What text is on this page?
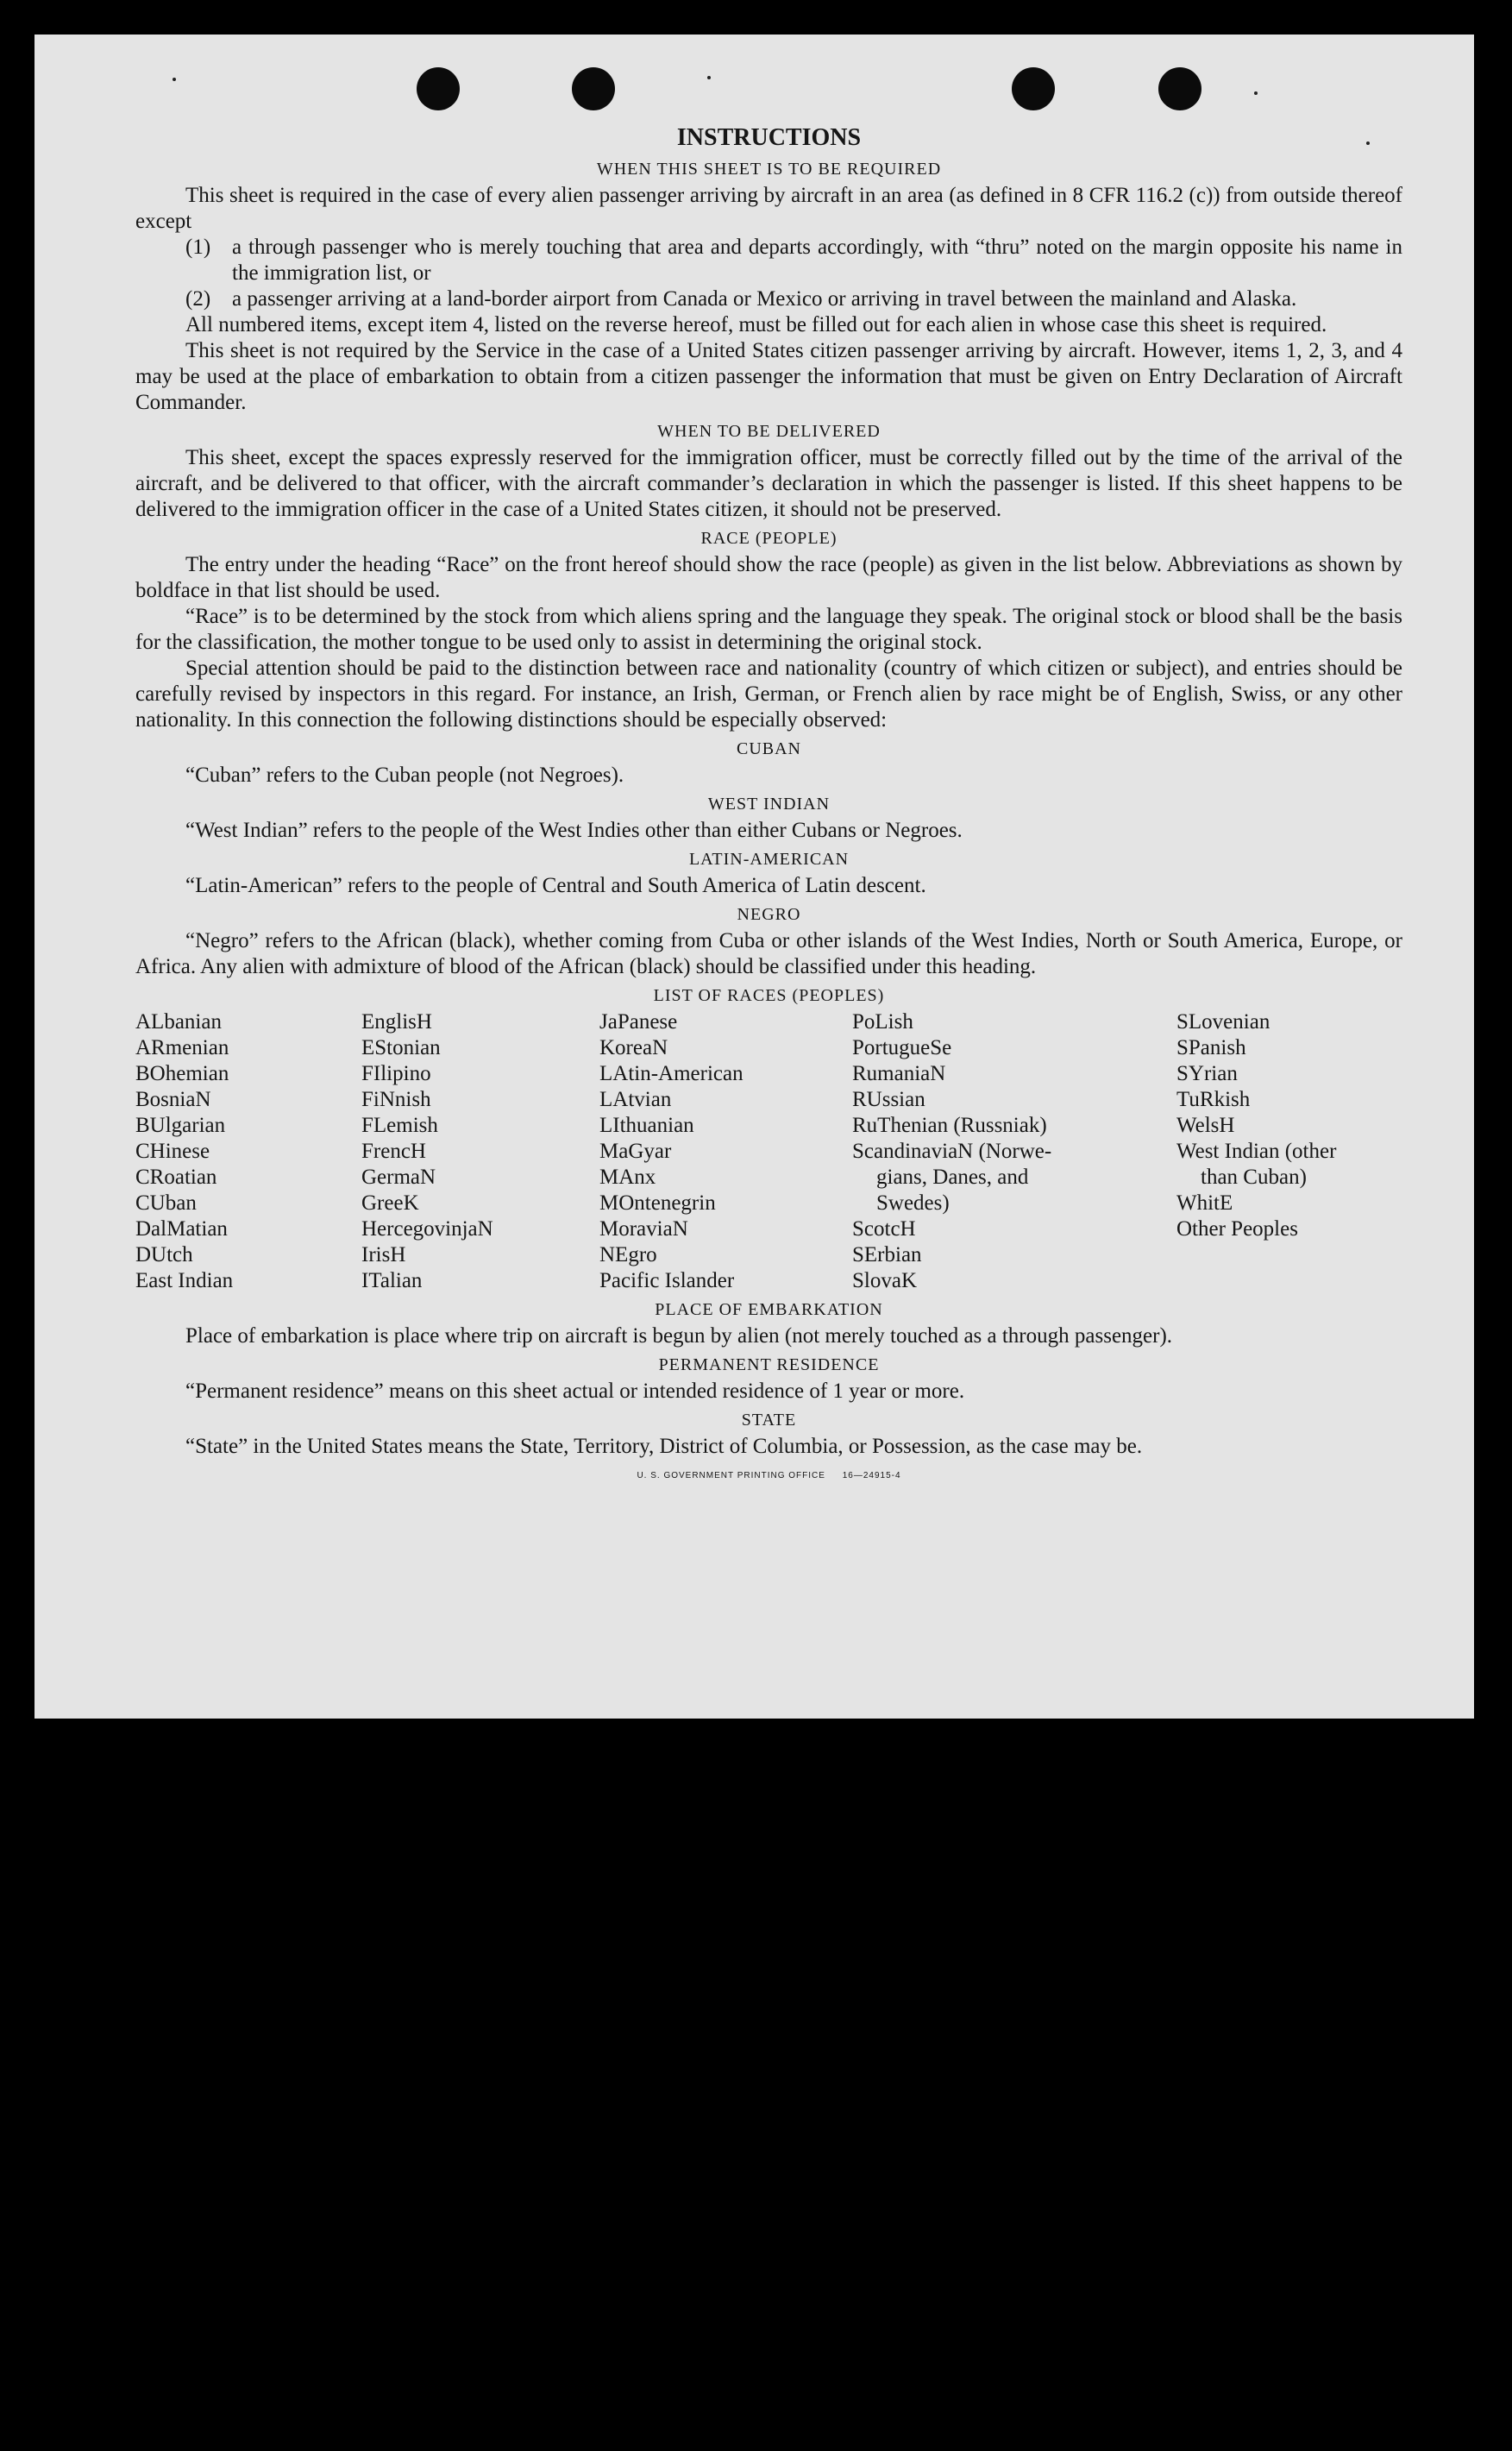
INSTRUCTIONS
WHEN THIS SHEET IS TO BE REQUIRED

This sheet is required in the case of every alien passenger arriving by aircraft in an area (as defined in 8 CFR 116.2 (c)) from outside thereof except

(1) a through passenger who is merely touching that area and departs accordingly, with “thru” noted on the margin opposite his name in the immigration list, or
(2) a passenger arriving at a land-border airport from Canada or Mexico or arriving in travel between the mainland and Alaska.

All numbered items, except item 4, listed on the reverse hereof, must be filled out for each alien in whose case this sheet is required.

This sheet is not required by the Service in the case of a United States citizen passenger arriving by aircraft. However, items 1, 2, 3, and 4 may be used at the place of embarkation to obtain from a citizen passenger the information that must be given on Entry Declaration of Aircraft Commander.

WHEN TO BE DELIVERED

This sheet, except the spaces expressly reserved for the immigration officer, must be correctly filled out by the time of the arrival of the aircraft, and be delivered to that officer, with the aircraft commander’s declaration in which the passenger is listed. If this sheet happens to be delivered to the immigration officer in the case of a United States citizen, it should not be preserved.

RACE (PEOPLE)

The entry under the heading “Race” on the front hereof should show the race (people) as given in the list below. Abbreviations as shown by boldface in that list should be used.

“Race” is to be determined by the stock from which aliens spring and the language they speak. The original stock or blood shall be the basis for the classification, the mother tongue to be used only to assist in determining the original stock.

Special attention should be paid to the distinction between race and nationality (country of which citizen or subject), and entries should be carefully revised by inspectors in this regard. For instance, an Irish, German, or French alien by race might be of English, Swiss, or any other nationality. In this connection the following distinctions should be especially observed:

CUBAN

“Cuban” refers to the Cuban people (not Negroes).

WEST INDIAN

“West Indian” refers to the people of the West Indies other than either Cubans or Negroes.

LATIN-AMERICAN

“Latin-American” refers to the people of Central and South America of Latin descent.

NEGRO

“Negro” refers to the African (black), whether coming from Cuba or other islands of the West Indies, North or South America, Europe, or Africa. Any alien with admixture of blood of the African (black) should be classified under this heading.

LIST OF RACES (PEOPLES)
ALbanian
ARmenian
BOhemian
BosniaN
BUlgarian
CHinese
CRoatian
CUban
DalMatian
DUtch
East Indian
EnglisH
EStonian
FIlipino
FiNnish
FLemish
FrencH
GermaN
GreeK
HercegovinjaN
IrisH
ITalian
JaPanese
KoreaN
LAtin-American
LAtvian
LIthuanian
MaGyar
MAnx
MOntenegrin
MoraviaN
NEgro
Pacific Islander
PoLish
PortugueSe
RumaniaN
RUssian
RuThenian (Russniak)
ScandinaviaN (Norwe-
gians, Danes, and
Swedes)
ScotcH
SErbian
SlovaK
SLovenian
SPanish
SYrian
TuRkish
WelsH
West Indian (other
than Cuban)
WhitE
Other Peoples
PLACE OF EMBARKATION

Place of embarkation is place where trip on aircraft is begun by alien (not merely touched as a through passenger).

PERMANENT RESIDENCE

“Permanent residence” means on this sheet actual or intended residence of 1 year or more.

STATE

“State” in the United States means the State, Territory, District of Columbia, or Possession, as the case may be.

U. S. GOVERNMENT PRINTING OFFICE 16—24915-4
